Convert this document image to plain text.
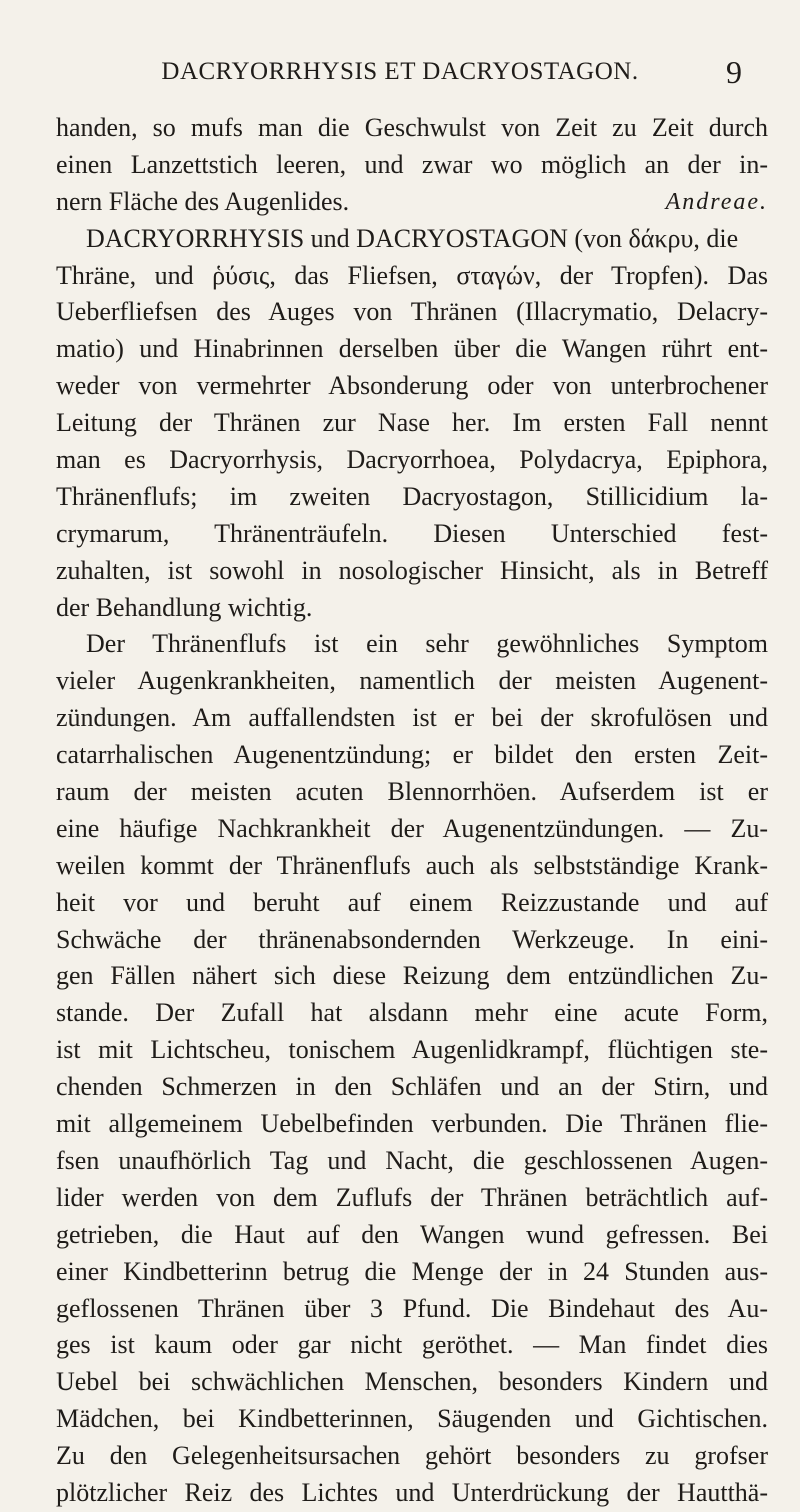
DACRYORRHYSIS ET DACRYOSTAGON.	9
handen, so mufs man die Geschwulst von Zeit zu Zeit durch
einen Lanzettstich leeren, und zwar wo möglich an der in-
nern Fläche des Augenlides.	Andreae.
DACRYORRHYSIS und DACRYOSTAGON (von δάκρυ, die
Thräne, und ῥύσις, das Fliefsen, σταγών, der Tropfen). Das
Ueberfliefsen des Auges von Thränen (Illacrymatio, Delacry-
matio) und Hinabrinnen derselben über die Wangen rührt ent-
weder von vermehrter Absonderung oder von unterbrochener
Leitung der Thränen zur Nase her. Im ersten Fall nennt
man es Dacryorrhysis, Dacryorrhoea, Polydacrya, Epiphora,
Thränenflufs; im zweiten Dacryostagon, Stillicidium la-
crymarum, Thränenträufeln. Diesen Unterschied fest-
zuhalten, ist sowohl in nosologischer Hinsicht, als in Betreff
der Behandlung wichtig.
Der Thränenflufs ist ein sehr gewöhnliches Symptom
vieler Augenkrankheiten, namentlich der meisten Augenent-
zündungen. Am auffallendsten ist er bei der skrofulösen und
catarrhalischen Augenentzündung; er bildet den ersten Zeit-
raum der meisten acuten Blennorrhöen. Aufserdem ist er
eine häufige Nachkrankheit der Augenentzündungen. — Zu-
weilen kommt der Thränenflufs auch als selbstständige Krank-
heit vor und beruht auf einem Reizzustande und auf
Schwäche der thränenabsondernden Werkzeuge. In eini-
gen Fällen nähert sich diese Reizung dem entzündlichen Zu-
stande. Der Zufall hat alsdann mehr eine acute Form,
ist mit Lichtscheu, tonischem Augenlidkrampf, flüchtigen ste-
chenden Schmerzen in den Schläfen und an der Stirn, und
mit allgemeinem Uebelbefinden verbunden. Die Thränen flie-
fsen unaufhörlich Tag und Nacht, die geschlossenen Augen-
lider werden von dem Zuflufs der Thränen beträchtlich auf-
getrieben, die Haut auf den Wangen wund gefressen. Bei
einer Kindbetterinn betrug die Menge der in 24 Stunden aus-
geflossenen Thränen über 3 Pfund. Die Bindehaut des Au-
ges ist kaum oder gar nicht geröthet. — Man findet dies
Uebel bei schwächlichen Menschen, besonders Kindern und
Mädchen, bei Kindbetterinnen, Säugenden und Gichtischen.
Zu den Gelegenheitsursachen gehört besonders zu grofser
plötzlicher Reiz des Lichtes und Unterdrückung der Hautthä-
